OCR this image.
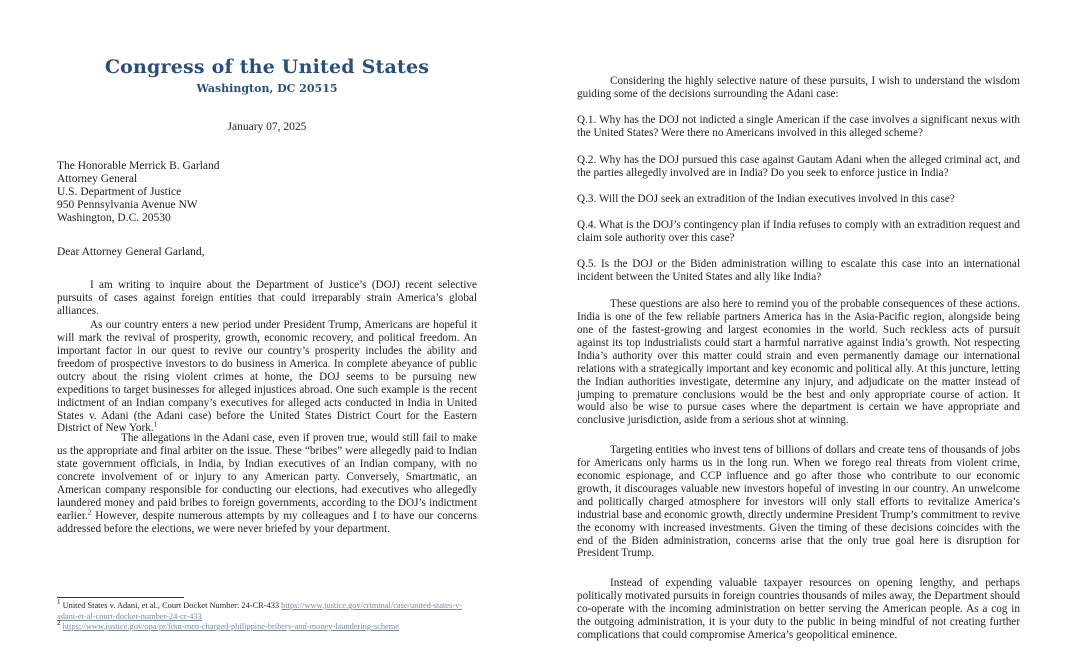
Congress of the United States
Washington, DC 20515
January 07, 2025
The Honorable Merrick B. Garland
Attorney General
U.S. Department of Justice
950 Pennsylvania Avenue NW
Washington, D.C. 20530
Dear Attorney General Garland,

I am writing to inquire about the Department of Justice’s (DOJ) recent selective pursuits of cases against foreign entities that could irreparably strain America’s global alliances.

As our country enters a new period under President Trump, Americans are hopeful it will mark the revival of prosperity, growth, economic recovery, and political freedom. An important factor in our quest to revive our country’s prosperity includes the ability and freedom of prospective investors to do business in America. In complete abeyance of public outcry about the rising violent crimes at home, the DOJ seems to be pursuing new expeditions to target businesses for alleged injustices abroad. One such example is the recent indictment of an Indian company’s executives for alleged acts conducted in India in United States v. Adani (the Adani case) before the United States District Court for the Eastern District of New York.$^1$

The allegations in the Adani case, even if proven true, would still fail to make us the appropriate and final arbiter on the issue. These “bribes” were allegedly paid to Indian state government officials, in India, by Indian executives of an Indian company, with no concrete involvement of or injury to any American party. Conversely, Smartmatic, an American company responsible for conducting our elections, had executives who allegedly laundered money and paid bribes to foreign governments, according to the DOJ’s indictment earlier.$^2$ However, despite numerous attempts by my colleagues and I to have our concerns addressed before the elections, we were never briefed by your department.

$^1$ United States v. Adani, et al., Court Docket Number: 24-CR-433 https://www.justice.gov/criminal/case/united-states-v-adani-et-al-court-docket-number-24-cr-433
$^2$ https://www.justice.gov/opa/pr/four-men-charged-philippine-bribery-and-money-laundering-scheme

Considering the highly selective nature of these pursuits, I wish to understand the wisdom guiding some of the decisions surrounding the Adani case:

Q.1. Why has the DOJ not indicted a single American if the case involves a significant nexus with the United States? Were there no Americans involved in this alleged scheme?

Q.2. Why has the DOJ pursued this case against Gautam Adani when the alleged criminal act, and the parties allegedly involved are in India? Do you seek to enforce justice in India?

Q.3. Will the DOJ seek an extradition of the Indian executives involved in this case?

Q.4. What is the DOJ’s contingency plan if India refuses to comply with an extradition request and claim sole authority over this case?

Q.5. Is the DOJ or the Biden administration willing to escalate this case into an international incident between the United States and ally like India?

These questions are also here to remind you of the probable consequences of these actions. India is one of the few reliable partners America has in the Asia-Pacific region, alongside being one of the fastest-growing and largest economies in the world. Such reckless acts of pursuit against its top industrialists could start a harmful narrative against India’s growth. Not respecting India’s authority over this matter could strain and even permanently damage our international relations with a strategically important and key economic and political ally. At this juncture, letting the Indian authorities investigate, determine any injury, and adjudicate on the matter instead of jumping to premature conclusions would be the best and only appropriate course of action. It would also be wise to pursue cases where the department is certain we have appropriate and conclusive jurisdiction, aside from a serious shot at winning.

Targeting entities who invest tens of billions of dollars and create tens of thousands of jobs for Americans only harms us in the long run. When we forego real threats from violent crime, economic espionage, and CCP influence and go after those who contribute to our economic growth, it discourages valuable new investors hopeful of investing in our country. An unwelcome and politically charged atmosphere for investors will only stall efforts to revitalize America’s industrial base and economic growth, directly undermine President Trump’s commitment to revive the economy with increased investments. Given the timing of these decisions coincides with the end of the Biden administration, concerns arise that the only true goal here is disruption for President Trump.

Instead of expending valuable taxpayer resources on opening lengthy, and perhaps politically motivated pursuits in foreign countries thousands of miles away, the Department should co-operate with the incoming administration on better serving the American people. As a cog in the outgoing administration, it is your duty to the public in being mindful of not creating further complications that could compromise America’s geopolitical eminence.
